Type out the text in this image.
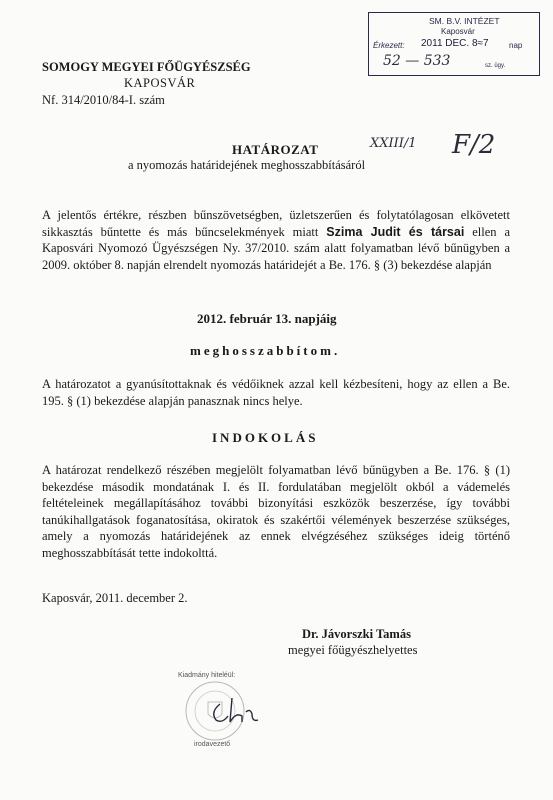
SOMOGY MEGYEI FŐÜGYÉSZSÉG
KAPOSVÁR
Nf. 314/2010/84-I. szám
SM. B.V. INTÉZET
Kaposvár
Érkezett: 2011 DEC. 8≈7	nap
52 — 533	sz. ügy.
XXIII/1 F/2
HATÁROZAT
a nyomozás határidejének meghosszabbításáról
A jelentős értékre, részben bűnszövetségben, üzletszerűen és folytatólagosan elkövetett sikkasztás bűntette és más bűncselekmények miatt Szima Judit és társai ellen a Kaposvári Nyomozó Ügyészségen Ny. 37/2010. szám alatt folyamatban lévő bűnügyben a 2009. október 8. napján elrendelt nyomozás határidejét a Be. 176. § (3) bekezdése alapján
2012. február 13. napjáig
meghosszabbítom.
A határozatot a gyanúsítottaknak és védőiknek azzal kell kézbesíteni, hogy az ellen a Be. 195. § (1) bekezdése alapján panasznak nincs helye.
INDOKOLÁS
A határozat rendelkező részében megjelölt folyamatban lévő bűnügyben a Be. 176. § (1) bekezdése második mondatának I. és II. fordulatában megjelölt okból a vádemelés feltételeinek megállapításához további bizonyítási eszközök beszerzése, így további tanúkihallgatások foganatosítása, okiratok és szakértői vélemények beszerzése szükséges, amely a nyomozás határidejének az ennek elvégzéséhez szükséges ideig történő meghosszabbítását tette indokolttá.
Kaposvár, 2011. december 2.
Dr. Jávorszki Tamás
megyei főügyészhelyettes
Kiadmány hiteléül:
irodavezető
